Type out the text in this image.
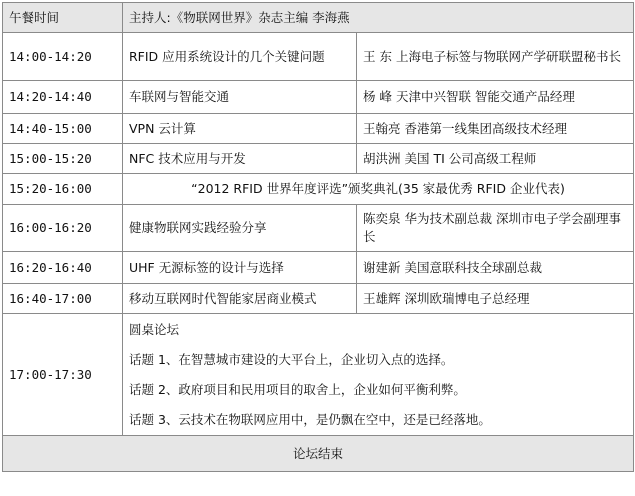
午餐时间	主持人:《物联网世界》杂志主编 李海燕	
14:00-14:20	RFID 应用系统设计的几个关键问题	王 东 上海电子标签与物联网产学研联盟秘书长
14:20-14:40	车联网与智能交通	杨 峰 天津中兴智联 智能交通产品经理
14:40-15:00	VPN 云计算	王翰亮 香港第一线集团高级技术经理
15:00-15:20	NFC 技术应用与开发	胡洪洲 美国 TI 公司高级工程师
15:20-16:00	“2012 RFID 世界年度评选”颁奖典礼(35 家最优秀 RFID 企业代表)	
16:00-16:20	健康物联网实践经验分享	陈奕泉 华为技术副总裁 深圳市电子学会副理事长
16:20-16:40	UHF 无源标签的设计与选择	谢建新 美国意联科技全球副总裁
16:40-17:00	移动互联网时代智能家居商业模式	王雄辉 深圳欧瑞博电子总经理
17:00-17:30	圆桌论坛
话题 1、在智慧城市建设的大平台上，企业切入点的选择。
话题 2、政府项目和民用项目的取舍上，企业如何平衡利弊。
话题 3、云技术在物联网应用中，是仍飘在空中，还是已经落地。	

论坛结束		
